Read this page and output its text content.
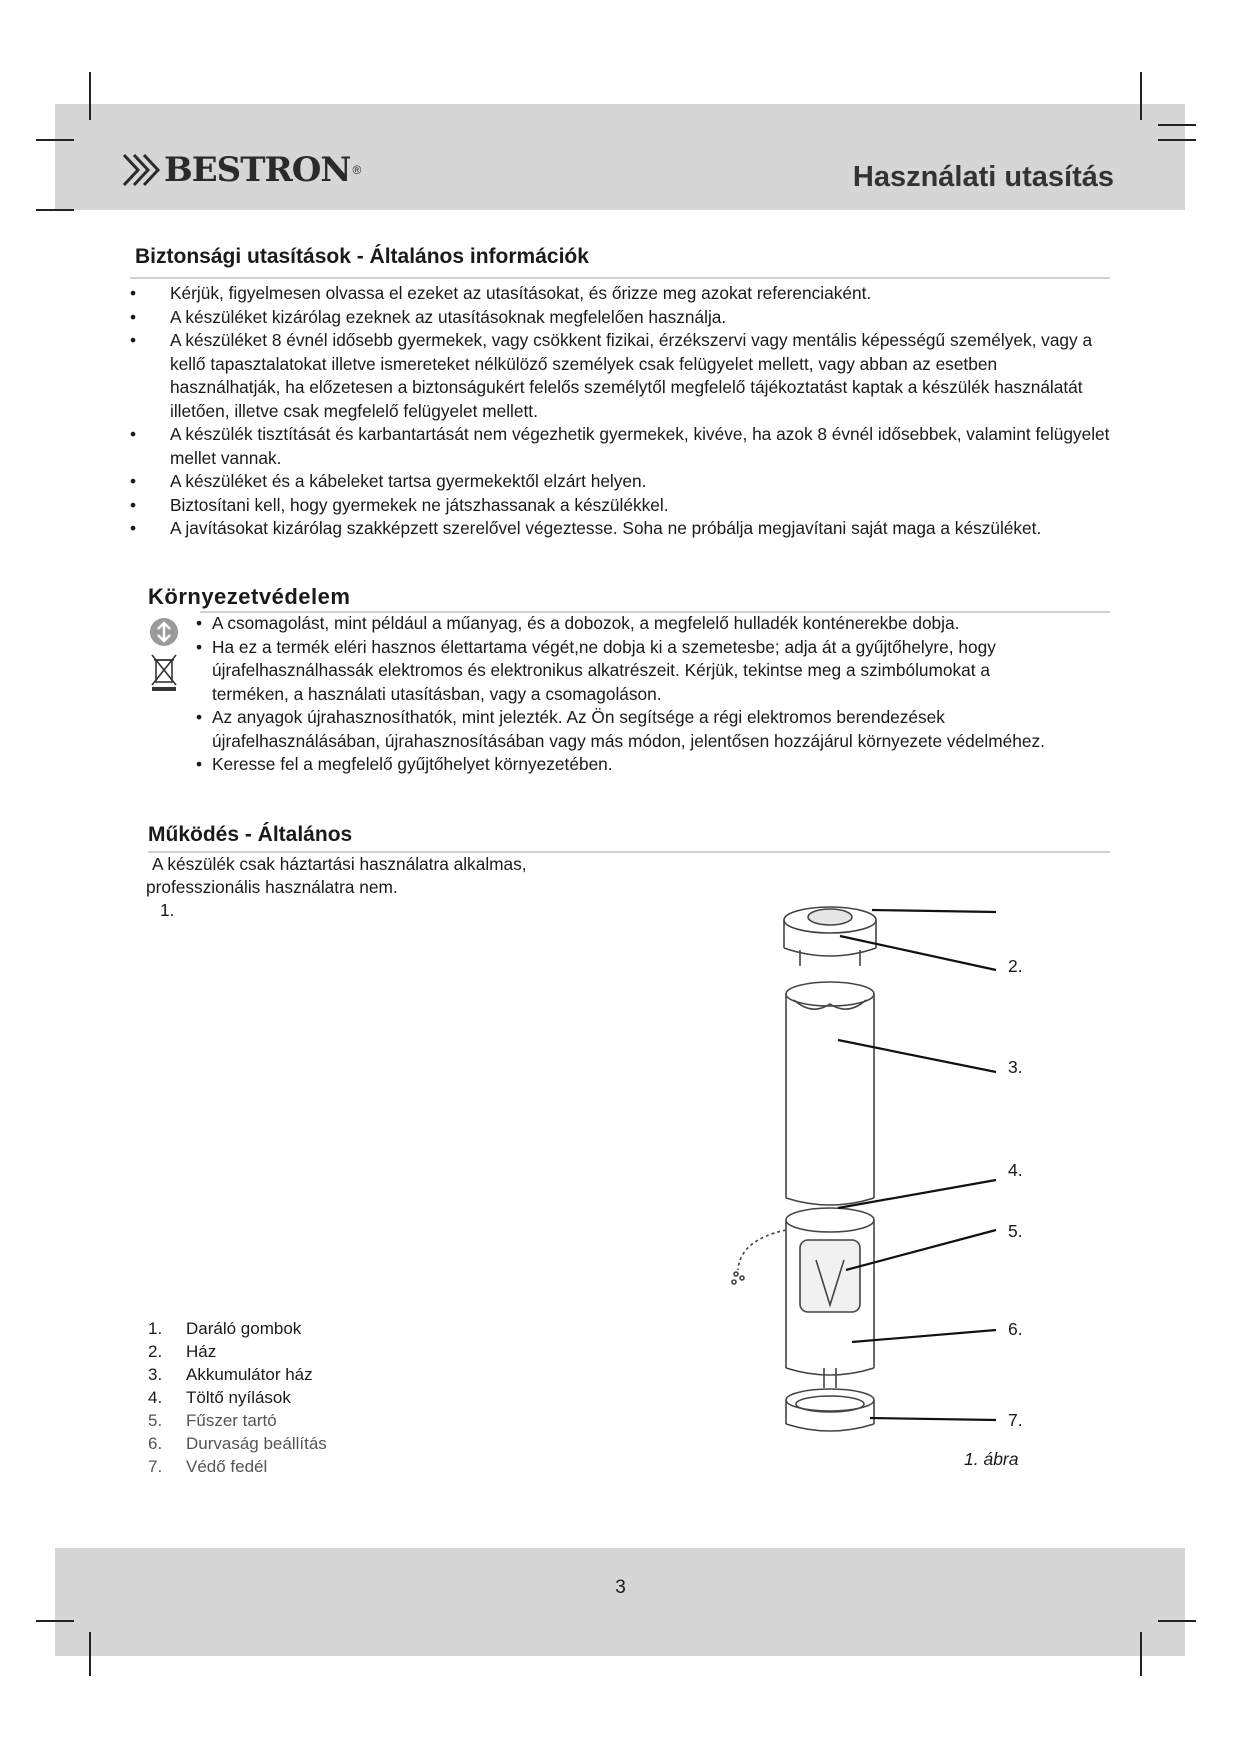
BESTRON ®	Használati utasítás
Biztonsági utasítások - Általános információk
• Kérjük, figyelmesen olvassa el ezeket az utasításokat, és őrizze meg azokat referenciaként.
• A készüléket kizárólag ezeknek az utasításoknak megfelelően használja.
• A készüléket 8 évnél idősebb gyermekek, vagy csökkent fizikai, érzékszervi vagy mentális képességű személyek, vagy a kellő tapasztalatokat illetve ismereteket nélkülöző személyek csak felügyelet mellett, vagy abban az esetben használhatják, ha előzetesen a biztonságukért felelős személytől megfelelő tájékoztatást kaptak a készülék használatát illetően, illetve csak megfelelő felügyelet mellett.
• A készülék tisztítását és karbantartását nem végezhetik gyermekek, kivéve, ha azok 8 évnél idősebbek, valamint felügyelet mellet vannak.
• A készüléket és a kábeleket tartsa gyermekektől elzárt helyen.
• Biztosítani kell, hogy gyermekek ne játszhassanak a készülékkel.
• A javításokat kizárólag szakképzett szerelővel végeztesse. Soha ne próbálja megjavítani saját maga a készüléket.
Környezetvédelem
• A csomagolást, mint például a műanyag, és a dobozok, a megfelelő hulladék konténerekbe dobja.
• Ha ez a termék eléri hasznos élettartama végét,ne dobja ki a szemetesbe; adja át a gyűjtőhelyre, hogy újrafelhasználhassák elektromos és elektronikus alkatrészeit. Kérjük, tekintse meg a szimbólumokat a terméken, a használati utasításban, vagy a csomagoláson.
• Az anyagok újrahasznosíthatók, mint jelezték. Az Ön segítsége a régi elektromos berendezések újrafelhasználásában, újrahasznosításában vagy más módon, jelentősen hozzájárul környezete védelméhez.
• Keresse fel a megfelelő gyűjtőhelyet környezetében.
Működés - Általános
A készülék csak háztartási használatra alkalmas,
professzionális használatra nem.
1.
1. Daráló gombok
2. Ház
3. Akkumulátor ház
4. Töltő nyílások
5. Fűszer tartó
6. Durvaság beállítás
7. Védő fedél
2.
3.
4.
5.
6.
7.
1. ábra
3
